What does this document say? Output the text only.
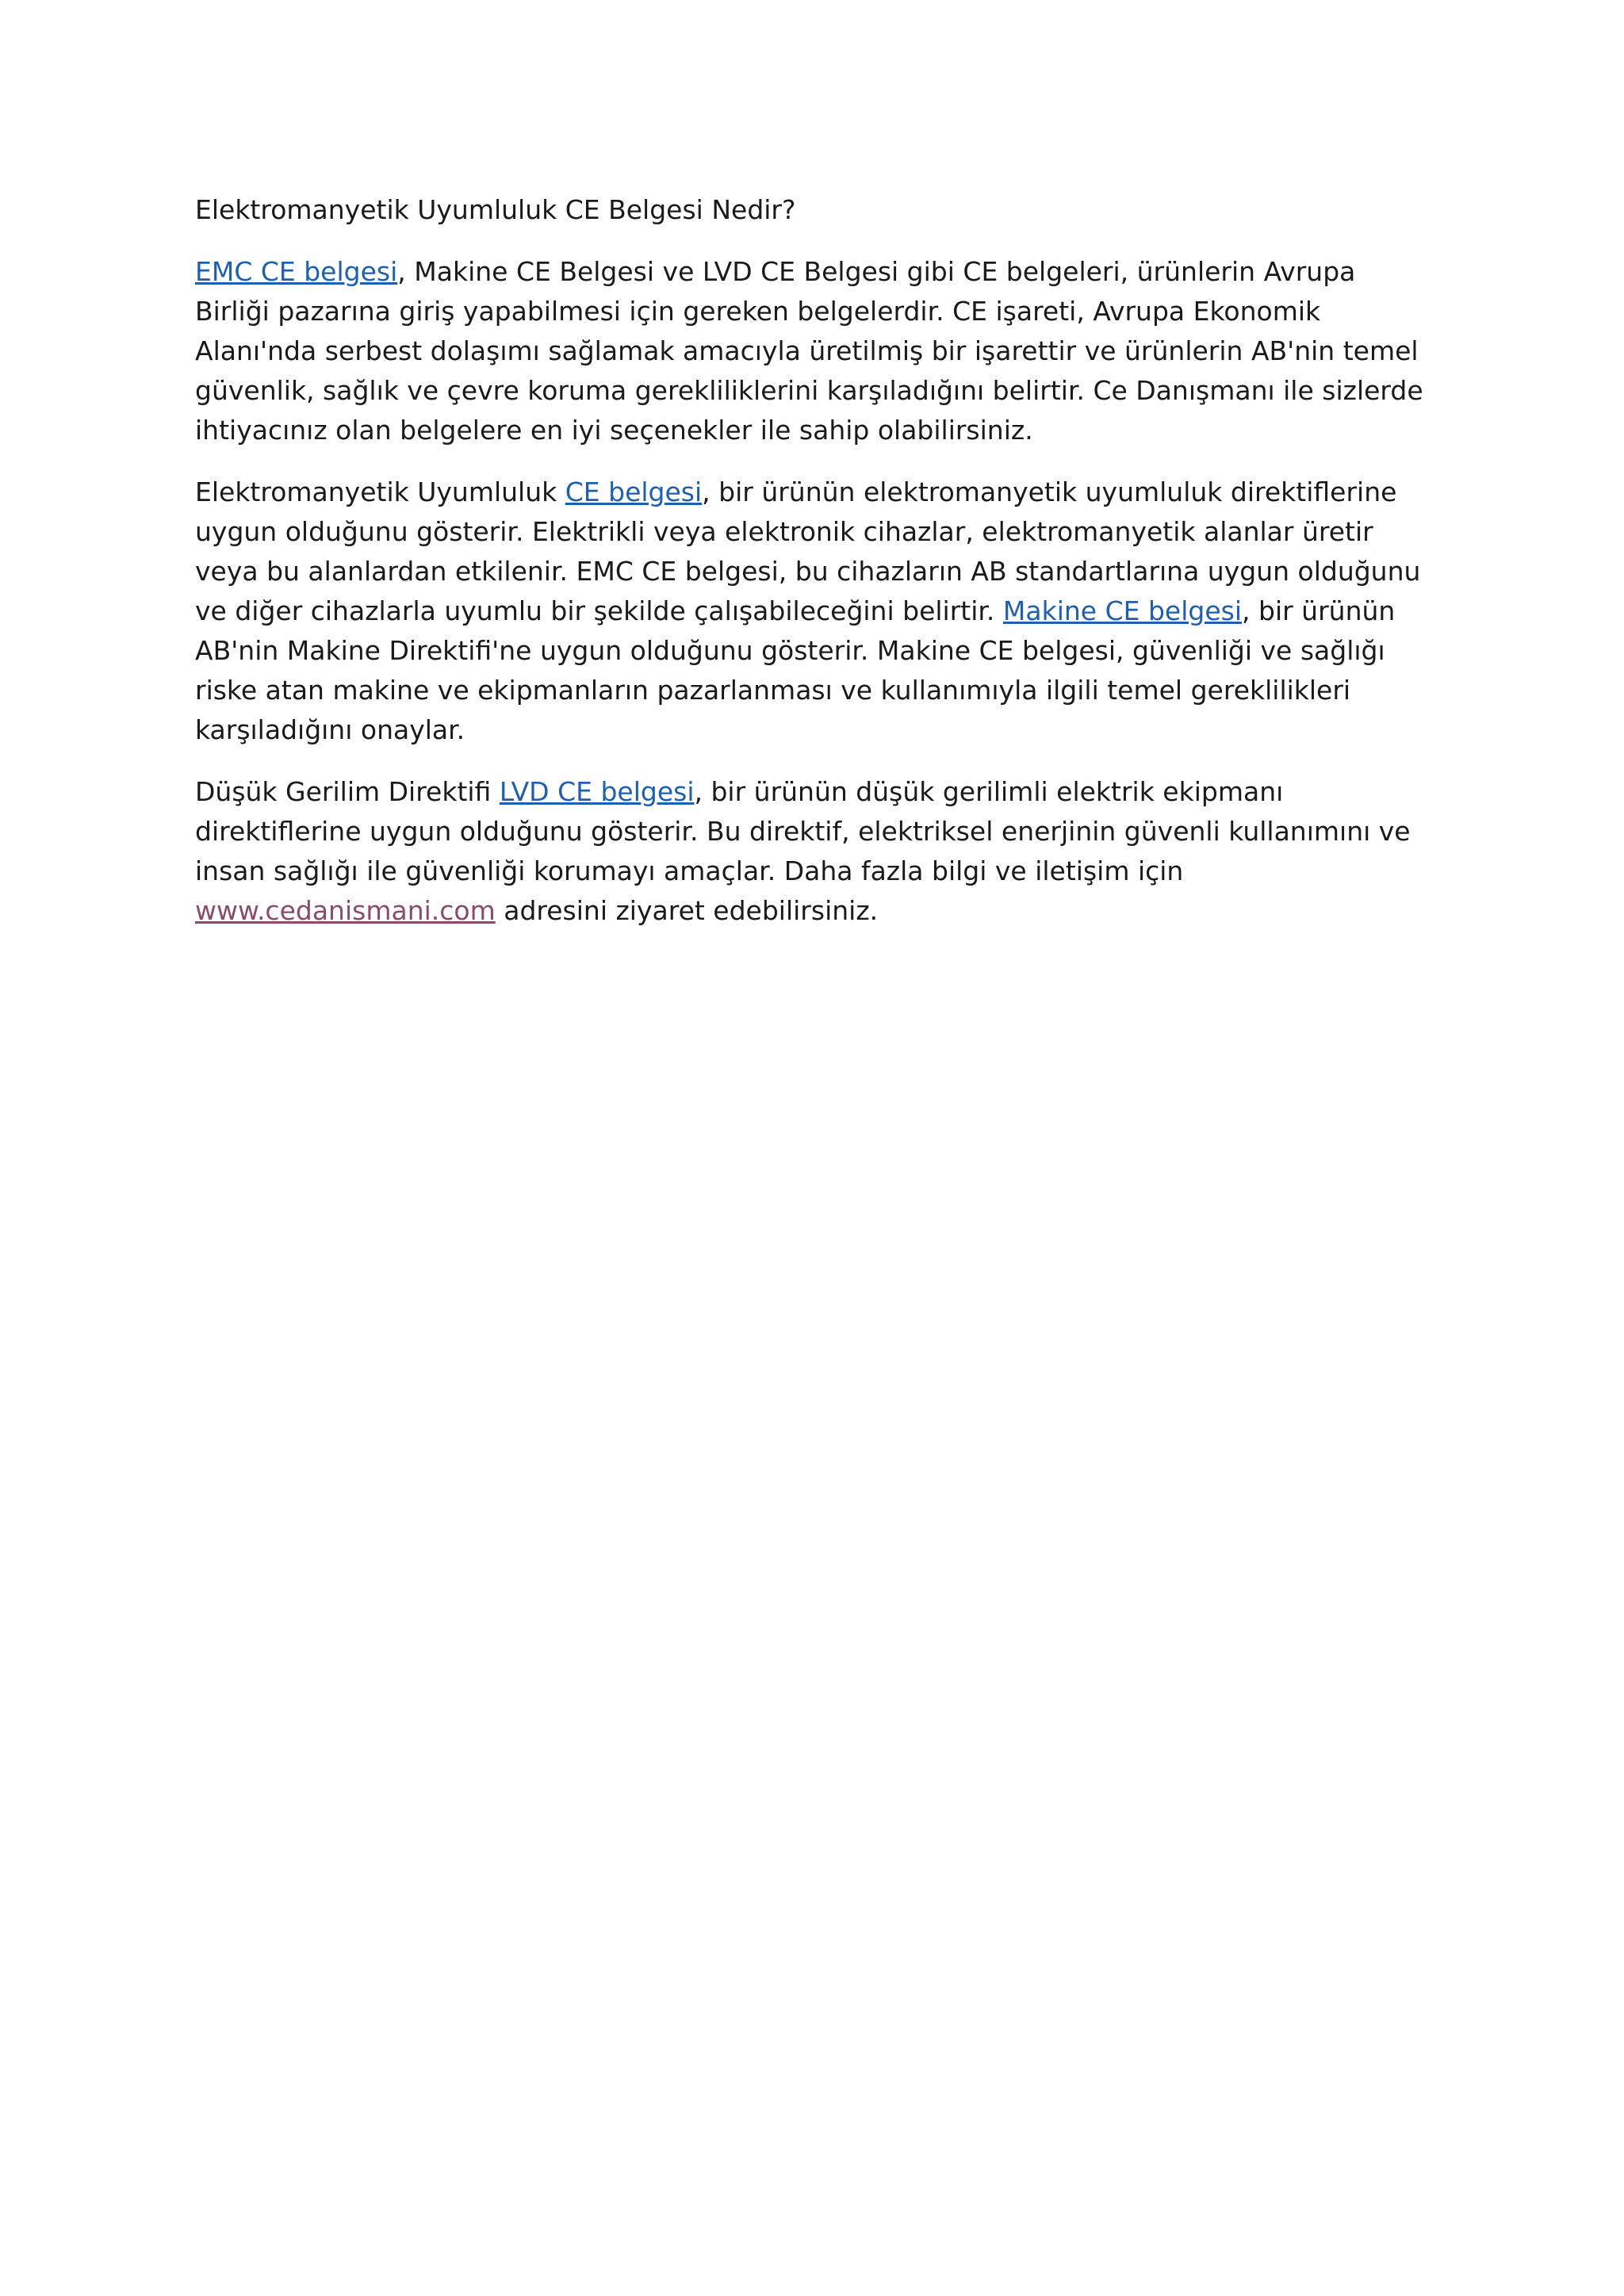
Elektromanyetik Uyumluluk CE Belgesi Nedir?

EMC CE belgesi, Makine CE Belgesi ve LVD CE Belgesi gibi CE belgeleri, ürünlerin Avrupa Birliği pazarına giriş yapabilmesi için gereken belgelerdir. CE işareti, Avrupa Ekonomik Alanı'nda serbest dolaşımı sağlamak amacıyla üretilmiş bir işarettir ve ürünlerin AB'nin temel güvenlik, sağlık ve çevre koruma gerekliliklerini karşıladığını belirtir. Ce Danışmanı ile sizlerde ihtiyacınız olan belgelere en iyi seçenekler ile sahip olabilirsiniz.

Elektromanyetik Uyumluluk CE belgesi, bir ürünün elektromanyetik uyumluluk direktiflerine uygun olduğunu gösterir. Elektrikli veya elektronik cihazlar, elektromanyetik alanlar üretir veya bu alanlardan etkilenir. EMC CE belgesi, bu cihazların AB standartlarına uygun olduğunu ve diğer cihazlarla uyumlu bir şekilde çalışabileceğini belirtir. Makine CE belgesi, bir ürünün AB'nin Makine Direktifi'ne uygun olduğunu gösterir. Makine CE belgesi, güvenliği ve sağlığı riske atan makine ve ekipmanların pazarlanması ve kullanımıyla ilgili temel gereklilikleri karşıladığını onaylar.

Düşük Gerilim Direktifi LVD CE belgesi, bir ürünün düşük gerilimli elektrik ekipmanı direktiflerine uygun olduğunu gösterir. Bu direktif, elektriksel enerjinin güvenli kullanımını ve insan sağlığı ile güvenliği korumayı amaçlar. Daha fazla bilgi ve iletişim için www.cedanismani.com adresini ziyaret edebilirsiniz.
